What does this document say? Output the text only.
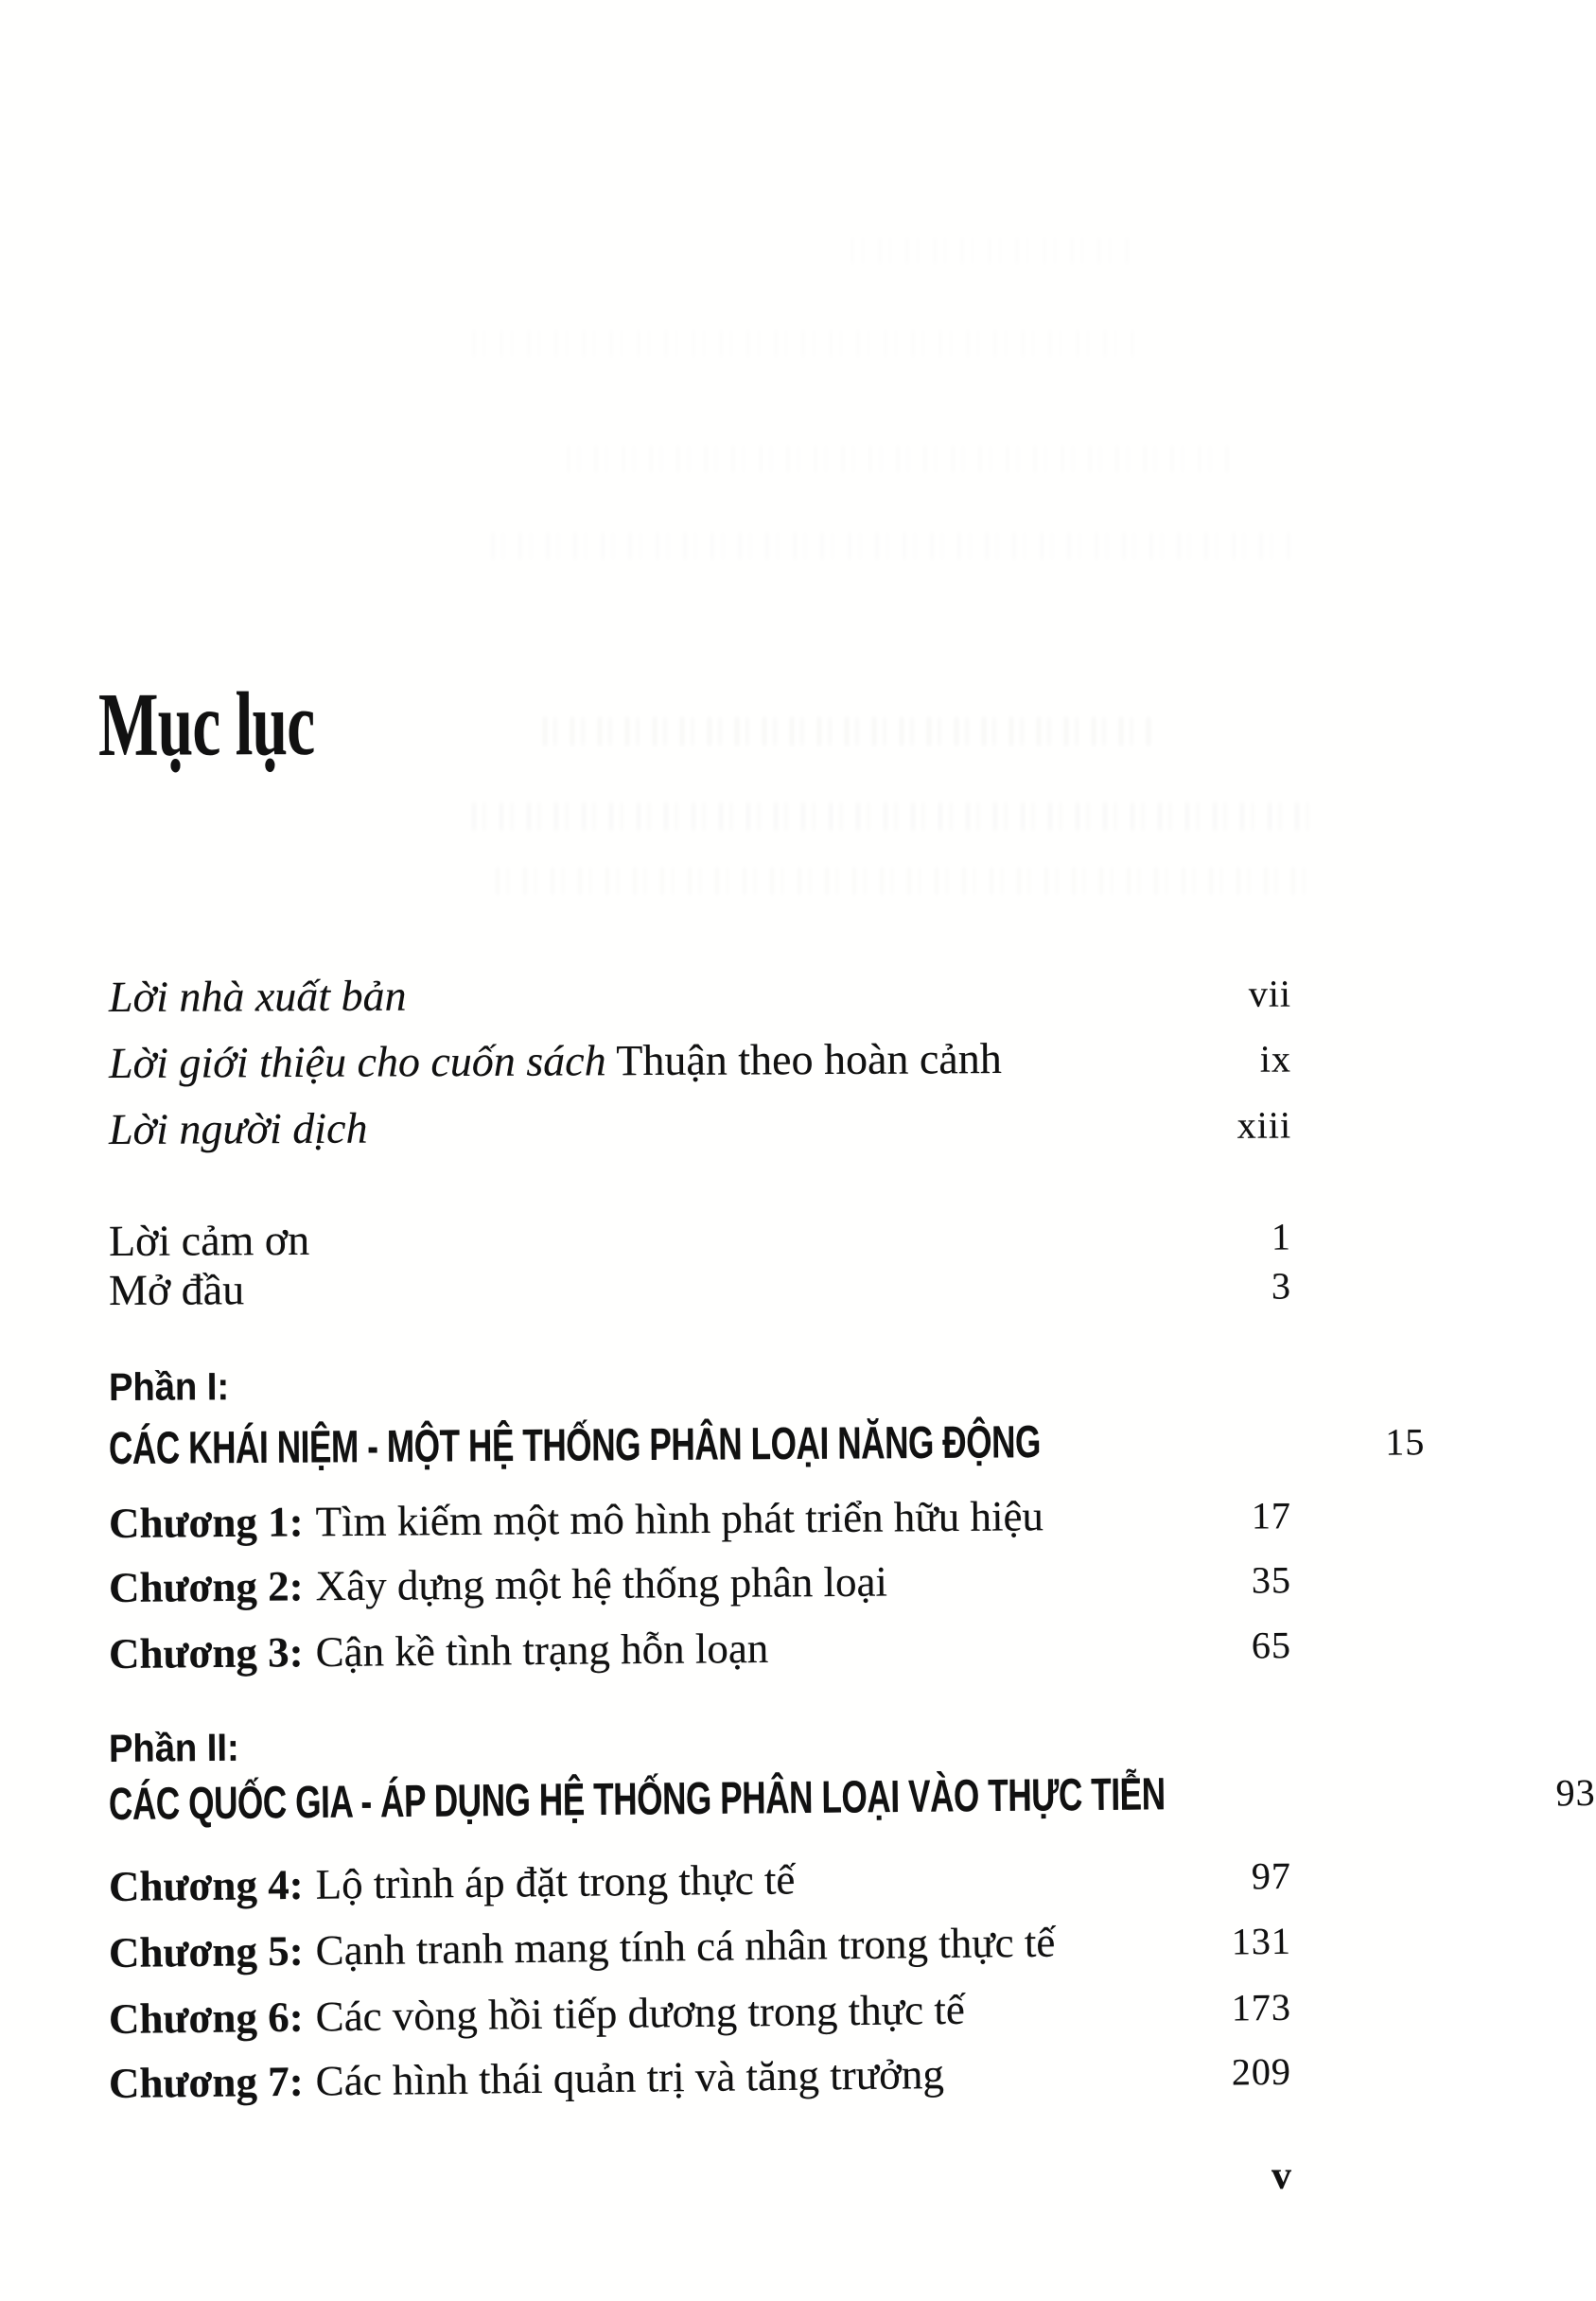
Mục lục
Lời nhà xuất bản	vii
Lời giới thiệu cho cuốn sách Thuận theo hoàn cảnh	ix
Lời người dịch	xiii
Lời cảm ơn	1
Mở đầu	3
Phần I:
CÁC KHÁI NIỆM - MỘT HỆ THỐNG PHÂN LOẠI NĂNG ĐỘNG	15
Chương 1: Tìm kiếm một mô hình phát triển hữu hiệu	17
Chương 2: Xây dựng một hệ thống phân loại	35
Chương 3: Cận kề tình trạng hỗn loạn	65
Phần II:
CÁC QUỐC GIA - ÁP DỤNG HỆ THỐNG PHÂN LOẠI VÀO THỰC TIỄN	93
Chương 4: Lộ trình áp đặt trong thực tế	97
Chương 5: Cạnh tranh mang tính cá nhân trong thực tế	131
Chương 6: Các vòng hồi tiếp dương trong thực tế	173
Chương 7: Các hình thái quản trị và tăng trưởng	209
v
